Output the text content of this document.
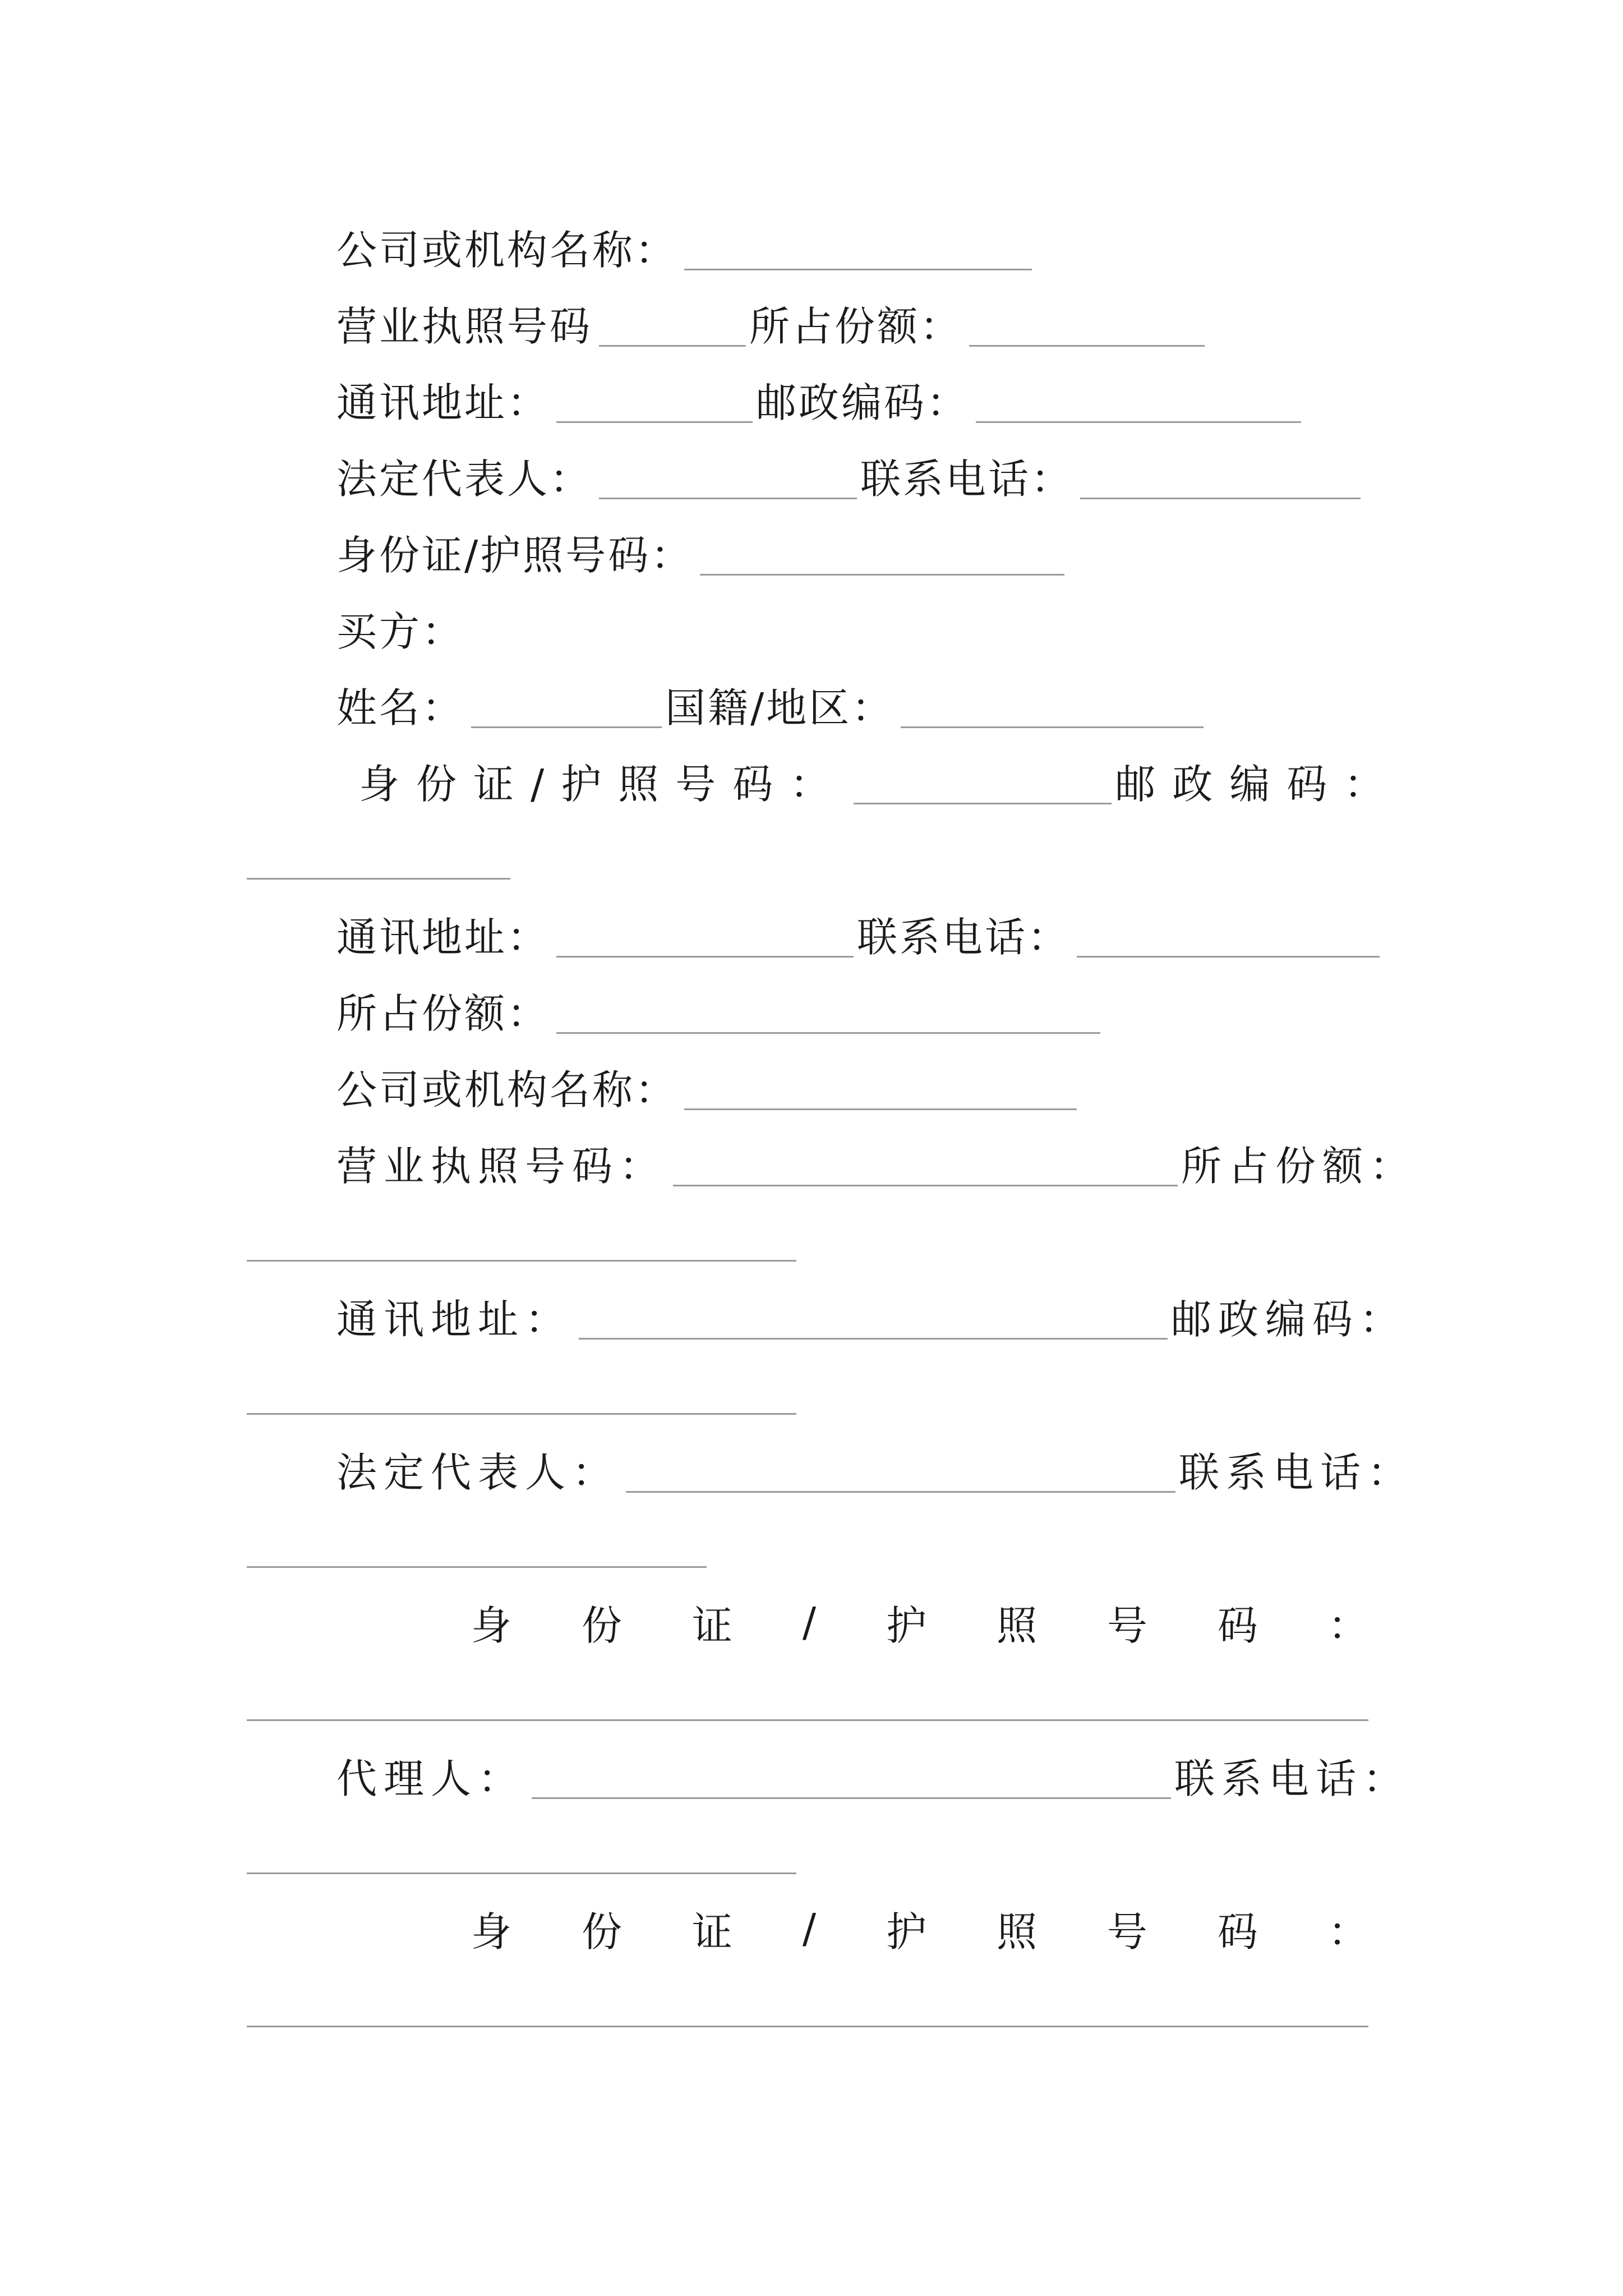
公司或机构名称：
营业执照号码	所占份额：
通讯地址：	邮政编码：
法定代表人：	联系电话：
身份证/护照号码：
买方：
姓名：	国籍/地区：
身份证/护照号码：	邮政编码：
通讯地址：	联系电话：
所占份额：
公司或机构名称：
营业执照号码：	所占份额：
通讯地址：	邮政编码：
法定代表人：	联系电话：
身 份 证 / 护 照 号 码 ：
代理人：	联系电话：
身 份 证 / 护 照 号 码 ：
